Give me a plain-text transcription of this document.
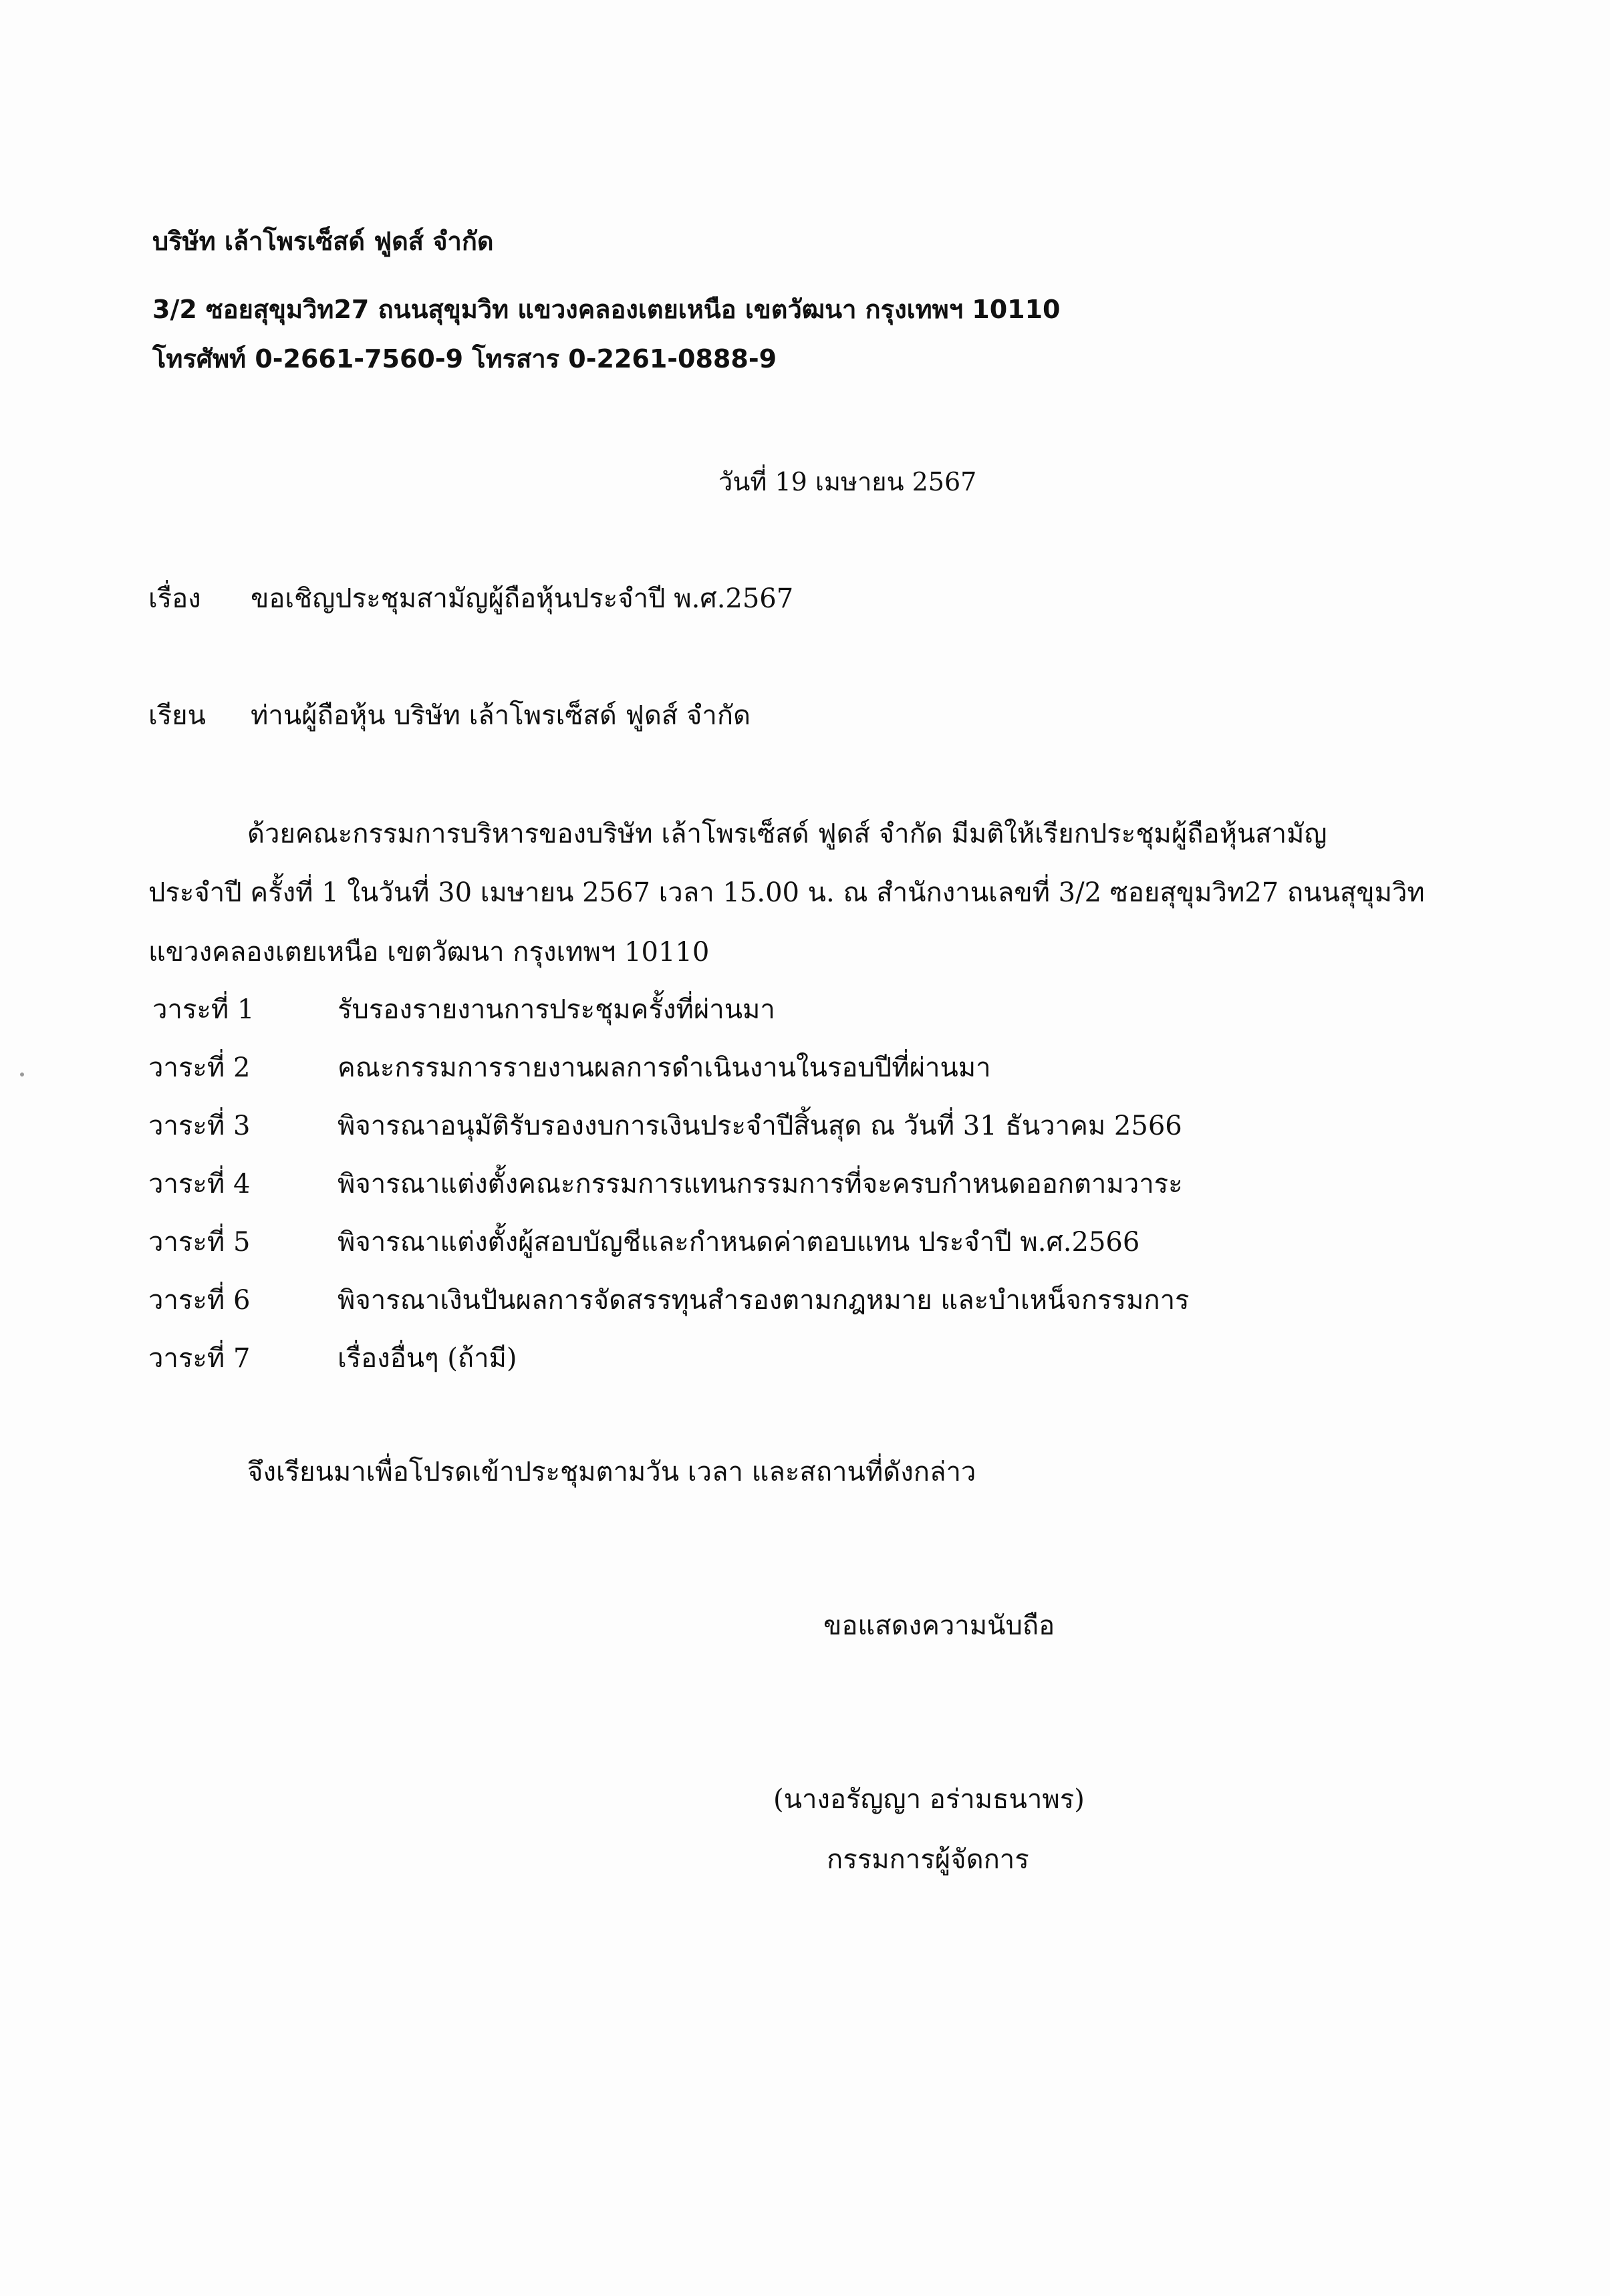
บริษัท เล้าโพรเซ็สด์ ฟูดส์ จำกัด
3/2 ซอยสุขุมวิท27 ถนนสุขุมวิท แขวงคลองเตยเหนือ เขตวัฒนา กรุงเทพฯ 10110
โทรศัพท์ 0-2661-7560-9 โทรสาร 0-2261-0888-9
วันที่ 19 เมษายน 2567
เรื่อง ขอเชิญประชุมสามัญผู้ถือหุ้นประจำปี พ.ศ.2567
เรียน ท่านผู้ถือหุ้น บริษัท เล้าโพรเซ็สด์ ฟูดส์ จำกัด
ด้วยคณะกรรมการบริหารของบริษัท เล้าโพรเซ็สด์ ฟูดส์ จำกัด มีมติให้เรียกประชุมผู้ถือหุ้นสามัญ
ประจำปี ครั้งที่ 1 ในวันที่ 30 เมษายน 2567 เวลา 15.00 น. ณ สำนักงานเลขที่ 3/2 ซอยสุขุมวิท27 ถนนสุขุมวิท
แขวงคลองเตยเหนือ เขตวัฒนา กรุงเทพฯ 10110
วาระที่ 1	รับรองรายงานการประชุมครั้งที่ผ่านมา
วาระที่ 2	คณะกรรมการรายงานผลการดำเนินงานในรอบปีที่ผ่านมา
วาระที่ 3	พิจารณาอนุมัติรับรองงบการเงินประจำปีสิ้นสุด ณ วันที่ 31 ธันวาคม 2566
วาระที่ 4	พิจารณาแต่งตั้งคณะกรรมการแทนกรรมการที่จะครบกำหนดออกตามวาระ
วาระที่ 5	พิจารณาแต่งตั้งผู้สอบบัญชีและกำหนดค่าตอบแทน ประจำปี พ.ศ.2566
วาระที่ 6	พิจารณาเงินปันผลการจัดสรรทุนสำรองตามกฎหมาย และบำเหน็จกรรมการ
วาระที่ 7	เรื่องอื่นๆ (ถ้ามี)
จึงเรียนมาเพื่อโปรดเข้าประชุมตามวัน เวลา และสถานที่ดังกล่าว
ขอแสดงความนับถือ
(นางอรัญญา อร่ามธนาพร)
กรรมการผู้จัดการ
